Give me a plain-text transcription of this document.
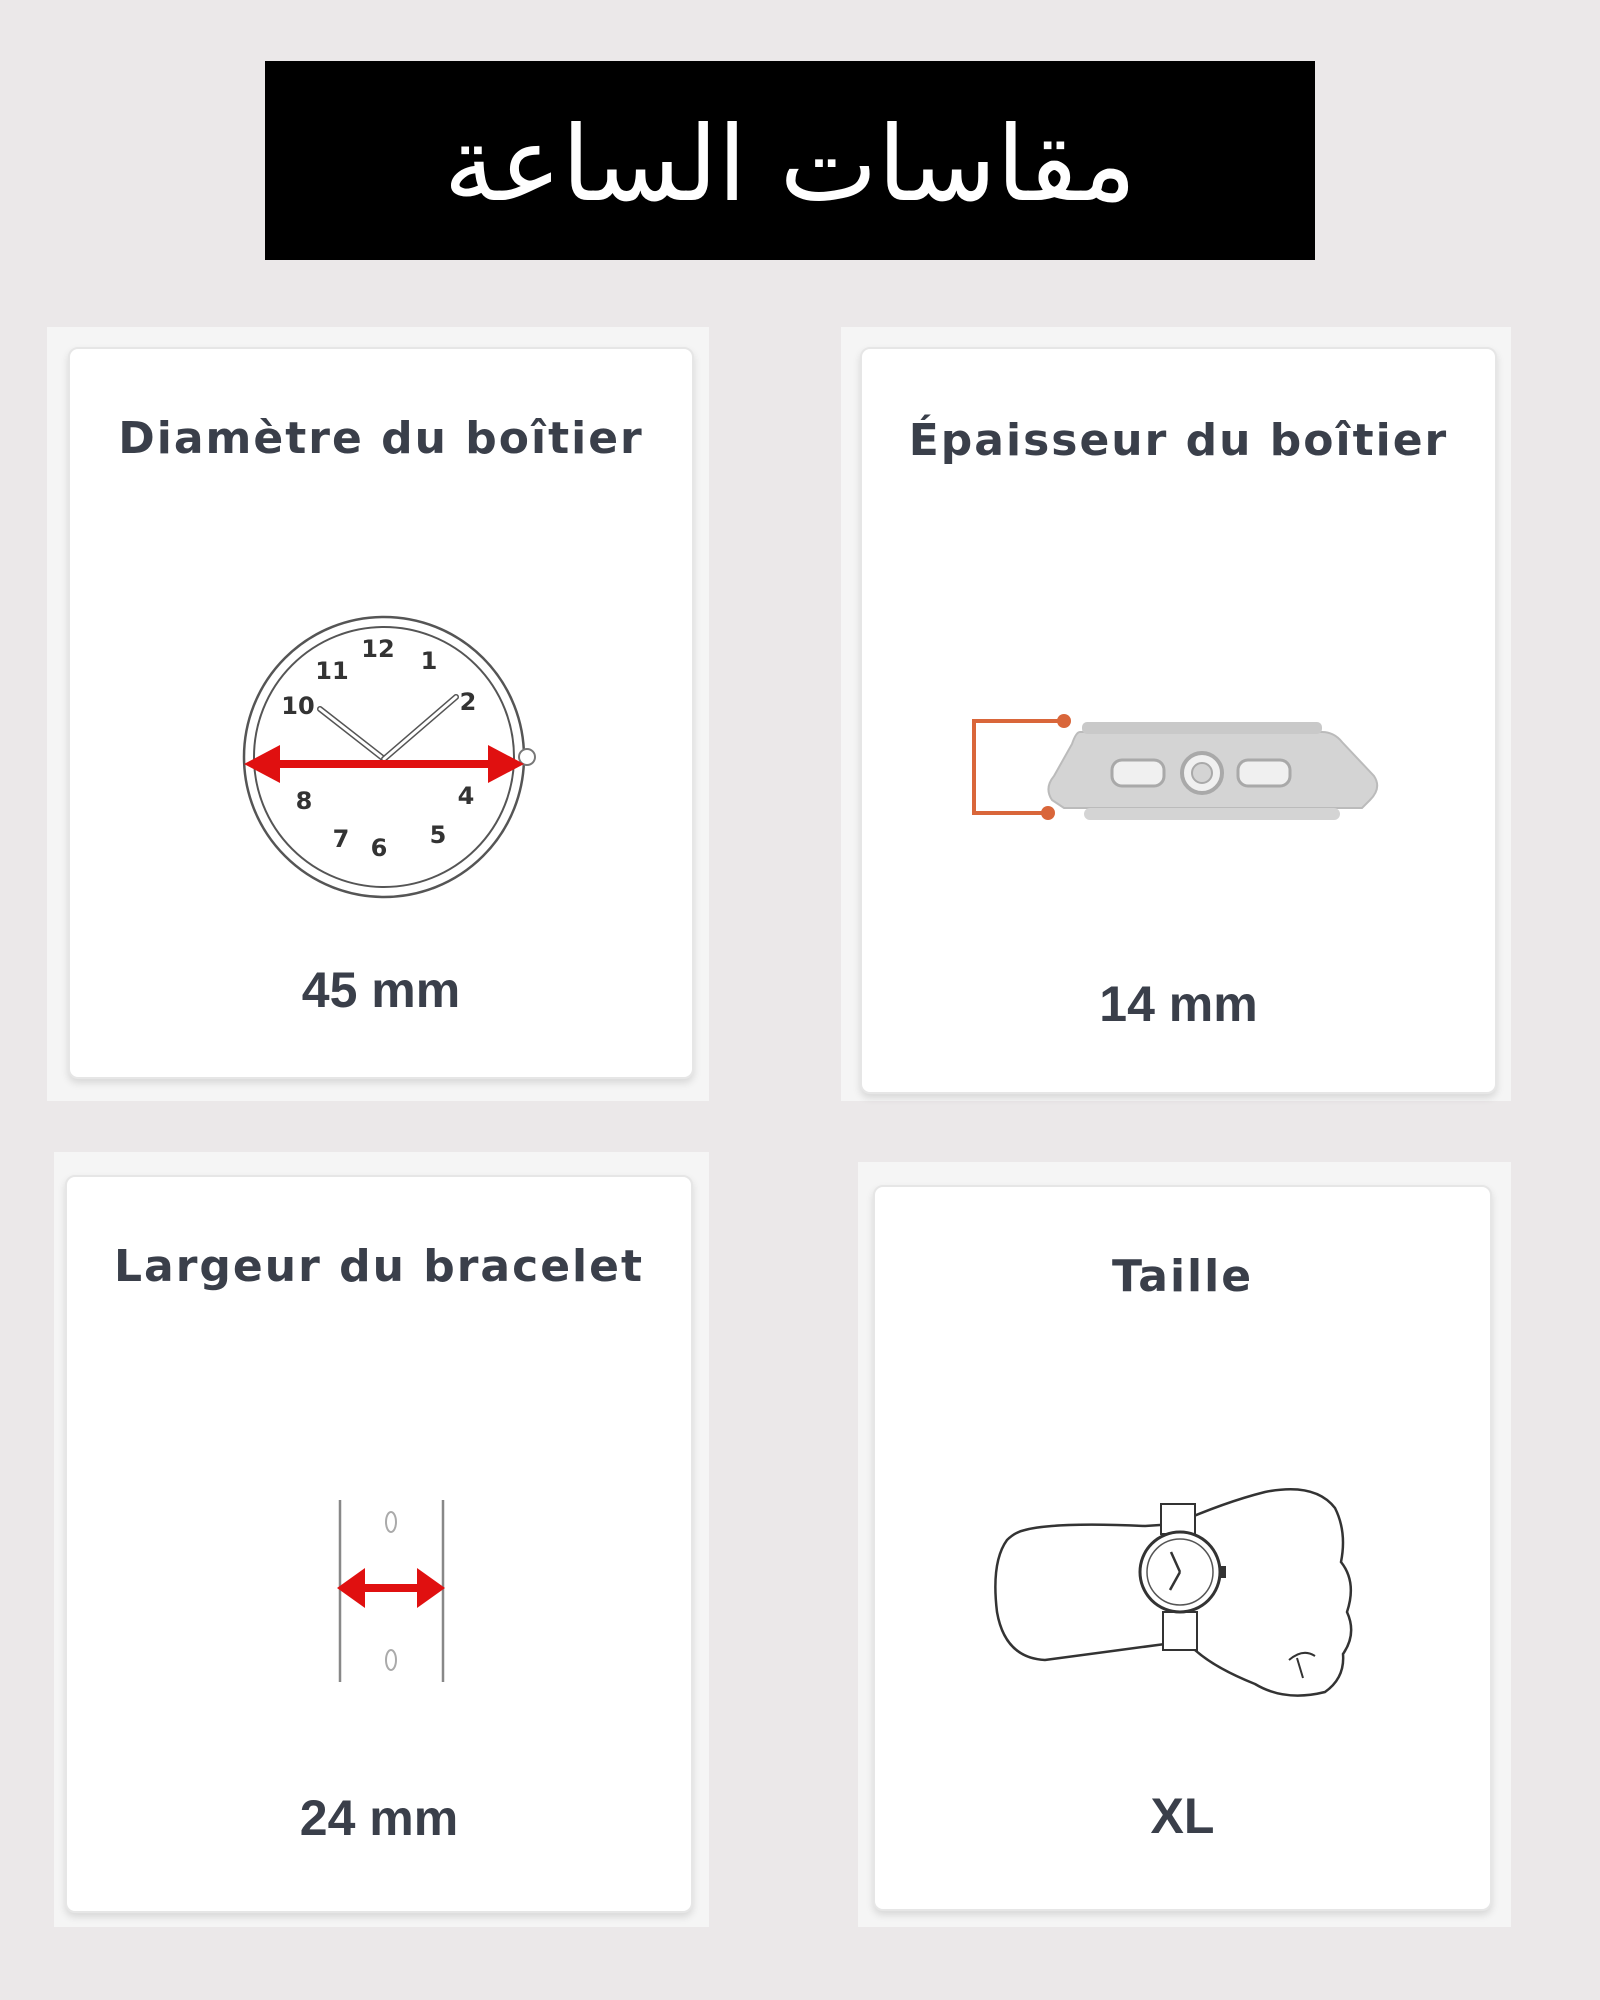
مقاسات الساعة
Diamètre du boîtier
12 1
2
4
5
6
7
8
10
11
45 mm
Épaisseur du boîtier
14 mm
Largeur du bracelet
24 mm
Taille
XL
